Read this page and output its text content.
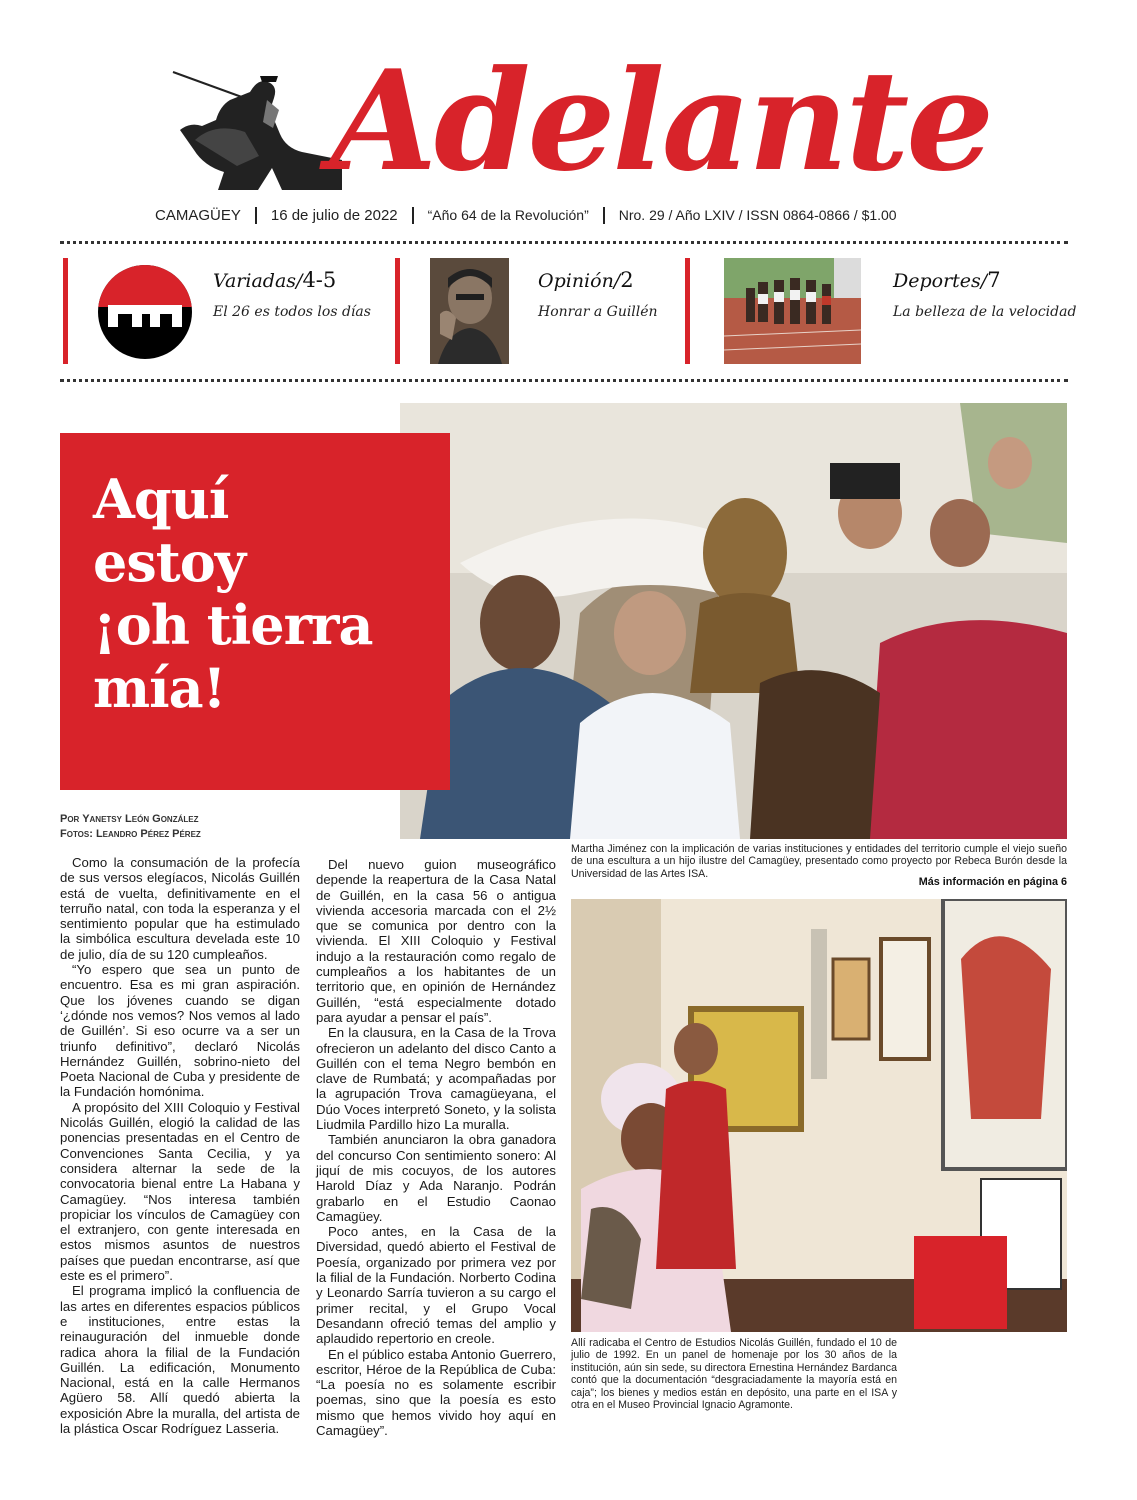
Adelante
CAMAGÜEY 16 de julio de 2022 “Año 64 de la Revolución” Nro. 29 / Año LXIV / ISSN 0864-0866 / $1.00
Variadas/4-5
El 26 es todos los días
Opinión/2
Honrar a Guillén
Deportes/7
La belleza de la velocidad
Aquí
estoy
¡oh tierra
mía!
Por Yanetsy León González
Fotos: Leandro Pérez Pérez

Como la consumación de la profecía de sus versos elegíacos, Nicolás Guillén está de vuelta, definitivamente en el terruño natal, con toda la esperanza y el sentimiento popular que ha estimulado la simbólica escultura develada este 10 de julio, día de su 120 cumpleaños.

“Yo espero que sea un punto de encuentro. Esa es mi gran aspiración. Que los jóvenes cuando se digan ‘¿dónde nos vemos? Nos vemos al lado de Guillén’. Si eso ocurre va a ser un triunfo definitivo”, declaró Nicolás Hernández Guillén, sobrino-nieto del Poeta Nacional de Cuba y presidente de la Fundación homónima.

A propósito del XIII Coloquio y Festival Nicolás Guillén, elogió la calidad de las ponencias presentadas en el Centro de Convenciones Santa Cecilia, y ya considera alternar la sede de la convocatoria bienal entre La Habana y Camagüey. “Nos interesa también propiciar los vínculos de Camagüey con el extranjero, con gente interesada en estos mismos asuntos de nuestros países que puedan encontrarse, así que este es el primero”.

El programa implicó la confluencia de las artes en diferentes espacios públicos e instituciones, entre estas la reinauguración del inmueble donde radica ahora la filial de la Fundación Guillén. La edificación, Monumento Nacional, está en la calle Hermanos Agüero 58. Allí quedó abierta la exposición Abre la muralla, del artista de la plástica Oscar Rodríguez Lasseria.

Del nuevo guion museográfico depende la reapertura de la Casa Natal de Guillén, en la casa 56 o antigua vivienda accesoria marcada con el 2½ que se comunica por dentro con la vivienda. El XIII Coloquio y Festival indujo a la restauración como regalo de cumpleaños a los habitantes de un territorio que, en opinión de Hernández Guillén, “está especialmente dotado para ayudar a pensar el país”.

En la clausura, en la Casa de la Trova ofrecieron un adelanto del disco Canto a Guillén con el tema Negro bembón en clave de Rumbatá; y acompañadas por la agrupación Trova camagüeyana, el Dúo Voces interpretó Soneto, y la solista Liudmila Pardillo hizo La muralla.

También anunciaron la obra ganadora del concurso Con sentimiento sonero: Al jiquí de mis cocuyos, de los autores Harold Díaz y Ada Naranjo. Podrán grabarlo en el Estudio Caonao Camagüey.

Poco antes, en la Casa de la Diversidad, quedó abierto el Festival de Poesía, organizado por primera vez por la filial de la Fundación. Norberto Codina y Leonardo Sarría tuvieron a su cargo el primer recital, y el Grupo Vocal Desandann ofreció temas del amplio y aplaudido repertorio en creole.

En el público estaba Antonio Guerrero, escritor, Héroe de la República de Cuba: “La poesía no es solamente escribir poemas, sino que la poesía es esto mismo que hemos vivido hoy aquí en Camagüey”.

Martha Jiménez con la implicación de varias instituciones y entidades del territorio cumple el viejo sueño de una escultura a un hijo ilustre del Camagüey, presentado como proyecto por Rebeca Burón desde la Universidad de las Artes ISA.
Más información en página 6
Allí radicaba el Centro de Estudios Nicolás Guillén, fundado el 10 de julio de 1992. En un panel de homenaje por los 30 años de la institución, aún sin sede, su directora Ernestina Hernández Bardanca contó que la documentación “desgraciadamente la mayoría está en caja”; los bienes y medios están en depósito, una parte en el ISA y otra en el Museo Provincial Ignacio Agramonte.
